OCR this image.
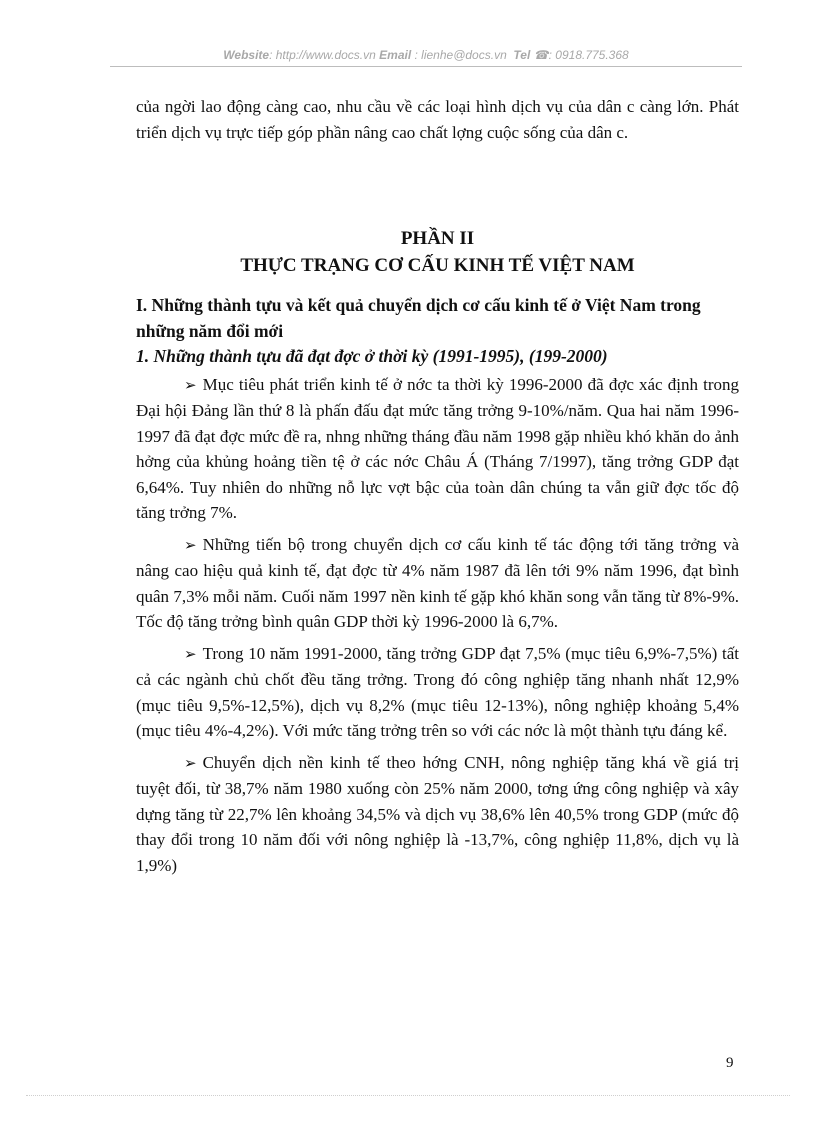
Website: http://www.docs.vn Email : lienhe@docs.vn Tel ☎: 0918.775.368

của ngời lao động càng cao, nhu cầu về các loại hình dịch vụ của dân c càng lớn. Phát triển dịch vụ trực tiếp góp phần nâng cao chất lợng cuộc sống của dân c.

PHẦN II

THỰC TRẠNG CƠ CẤU KINH TẾ VIỆT NAM

I. Những thành tựu và kết quả chuyển dịch cơ cấu kinh tế ở Việt Nam trong những năm đổi mới

1. Những thành tựu đã đạt đợc ở thời kỳ (1991-1995), (199-2000)

➢ Mục tiêu phát triển kinh tế ở nớc ta thời kỳ 1996-2000 đã đợc xác định trong Đại hội Đảng lần thứ 8 là phấn đấu đạt mức tăng trởng 9-10%/năm. Qua hai năm 1996-1997 đã đạt đợc mức đề ra, nhng những tháng đầu năm 1998 gặp nhiều khó khăn do ảnh hởng của khủng hoảng tiền tệ ở các nớc Châu Á (Tháng 7/1997), tăng trởng GDP đạt 6,64%. Tuy nhiên do những nỗ lực vợt bậc của toàn dân chúng ta vẫn giữ đợc tốc độ tăng trởng 7%.

➢ Những tiến bộ trong chuyển dịch cơ cấu kinh tế tác động tới tăng trởng và nâng cao hiệu quả kinh tế, đạt đợc từ 4% năm 1987 đã lên tới 9% năm 1996, đạt bình quân 7,3% mỗi năm. Cuối năm 1997 nền kinh tế gặp khó khăn song vẫn tăng từ 8%-9%. Tốc độ tăng trởng bình quân GDP thời kỳ 1996-2000 là 6,7%.

➢ Trong 10 năm 1991-2000, tăng trởng GDP đạt 7,5% (mục tiêu 6,9%-7,5%) tất cả các ngành chủ chốt đều tăng trởng. Trong đó công nghiệp tăng nhanh nhất 12,9% (mục tiêu 9,5%-12,5%), dịch vụ 8,2% (mục tiêu 12-13%), nông nghiệp khoảng 5,4% (mục tiêu 4%-4,2%). Với mức tăng trởng trên so với các nớc là một thành tựu đáng kể.

➢ Chuyển dịch nền kinh tế theo hớng CNH, nông nghiệp tăng khá về giá trị tuyệt đối, từ 38,7% năm 1980 xuống còn 25% năm 2000, tơng ứng công nghiệp và xây dựng tăng từ 22,7% lên khoảng 34,5% và dịch vụ 38,6% lên 40,5% trong GDP (mức độ thay đổi trong 10 năm đối với nông nghiệp là -13,7%, công nghiệp 11,8%, dịch vụ là 1,9%)

9
